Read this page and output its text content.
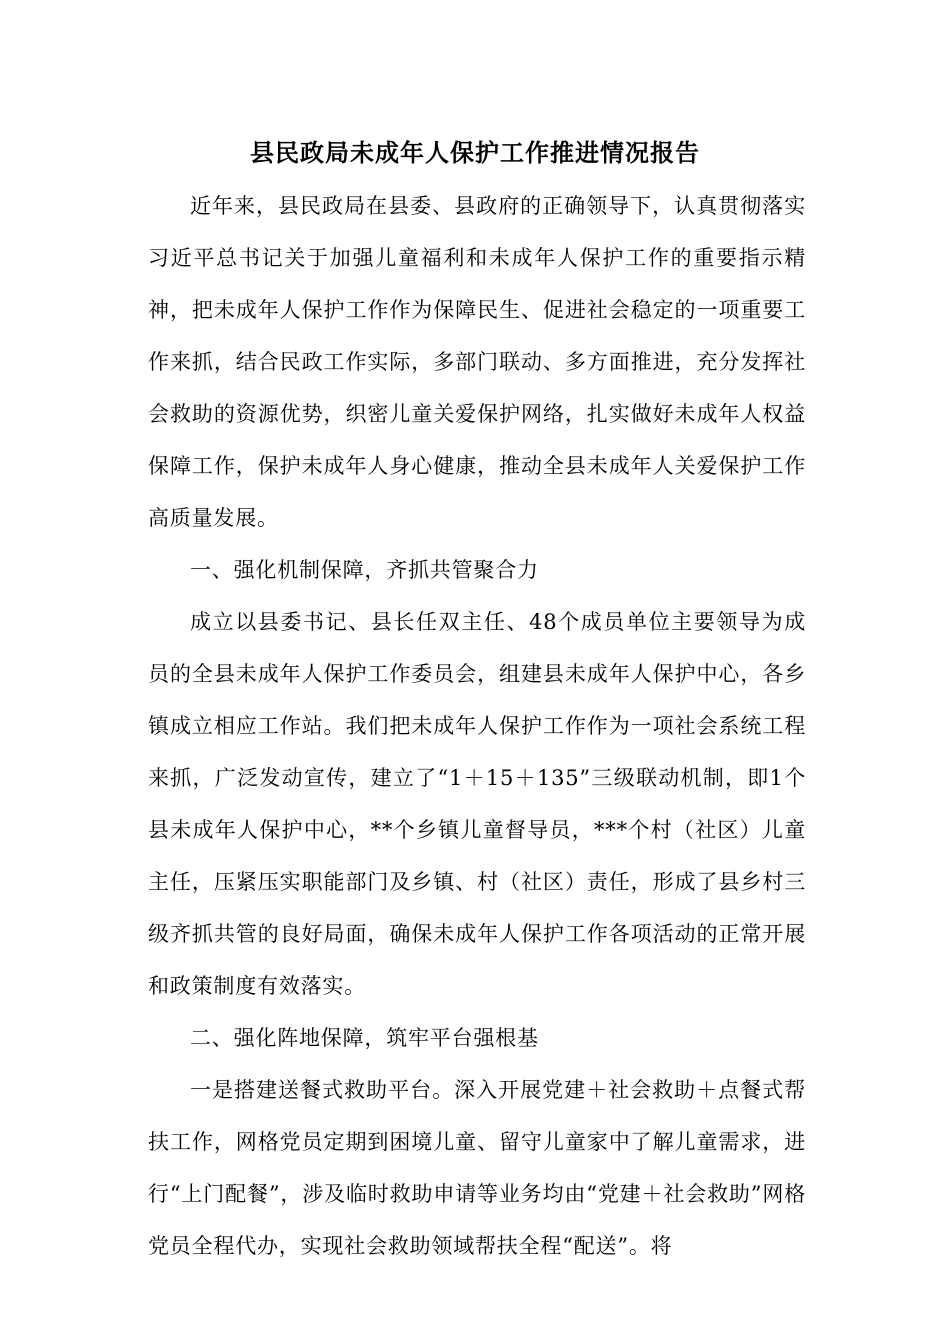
县民政局未成年人保护工作推进情况报告

近年来，县民政局在县委、县政府的正确领导下，认真贯彻落实习近平总书记关于加强儿童福利和未成年人保护工作的重要指示精神，把未成年人保护工作作为保障民生、促进社会稳定的一项重要工作来抓，结合民政工作实际，多部门联动、多方面推进，充分发挥社会救助的资源优势，织密儿童关爱保护网络，扎实做好未成年人权益保障工作，保护未成年人身心健康，推动全县未成年人关爱保护工作高质量发展。

一、强化机制保障，齐抓共管聚合力

成立以县委书记、县长任双主任、48个成员单位主要领导为成员的全县未成年人保护工作委员会，组建县未成年人保护中心，各乡镇成立相应工作站。我们把未成年人保护工作作为一项社会系统工程来抓，广泛发动宣传，建立了“1＋15＋135”三级联动机制，即1个县未成年人保护中心，**个乡镇儿童督导员，***个村（社区）儿童主任，压紧压实职能部门及乡镇、村（社区）责任，形成了县乡村三级齐抓共管的良好局面，确保未成年人保护工作各项活动的正常开展和政策制度有效落实。

二、强化阵地保障，筑牢平台强根基

一是搭建送餐式救助平台。深入开展党建＋社会救助＋点餐式帮扶工作，网格党员定期到困境儿童、留守儿童家中了解儿童需求，进行“上门配餐”，涉及临时救助申请等业务均由“党建＋社会救助”网格党员全程代办，实现社会救助领域帮扶全程“配送”。将
